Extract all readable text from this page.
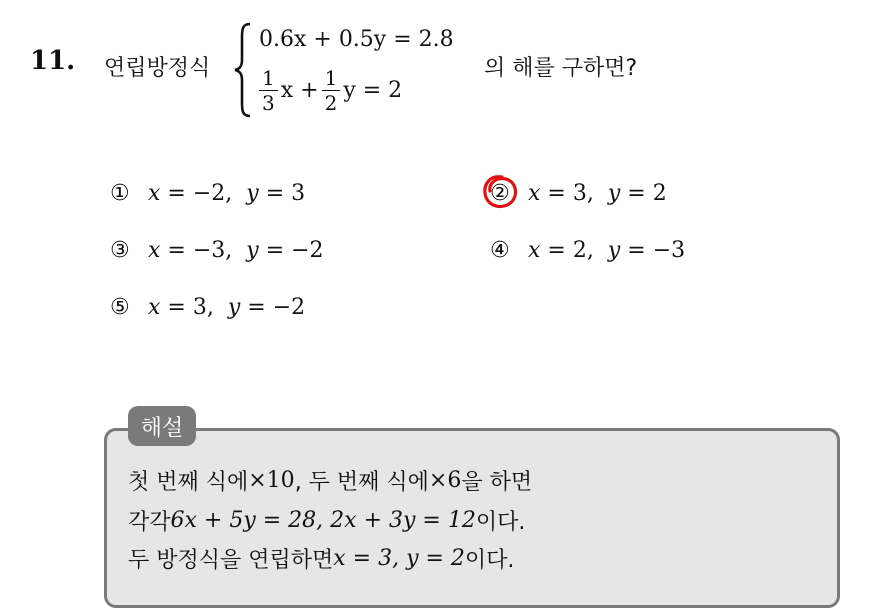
11. 연립방정식
0.6x + 0.5y = 2.8
$\frac{1}{3}$ $x + \frac{1}{2}$ y = 2
의 해를 구하면?
① x = −2,  y = 3	② x = 3,  y = 2
③ x = −3,  y = −2	④ x = 2,  y = −3
⑤ x = 3,  y = −2
해설
첫 번째 식에 ×10 , 두 번째 식에 ×6 을 하면
각각 6x + 5y = 28, 2x + 3y = 12 이다.
두 방정식을 연립하면 x = 3, y = 2 이다.
